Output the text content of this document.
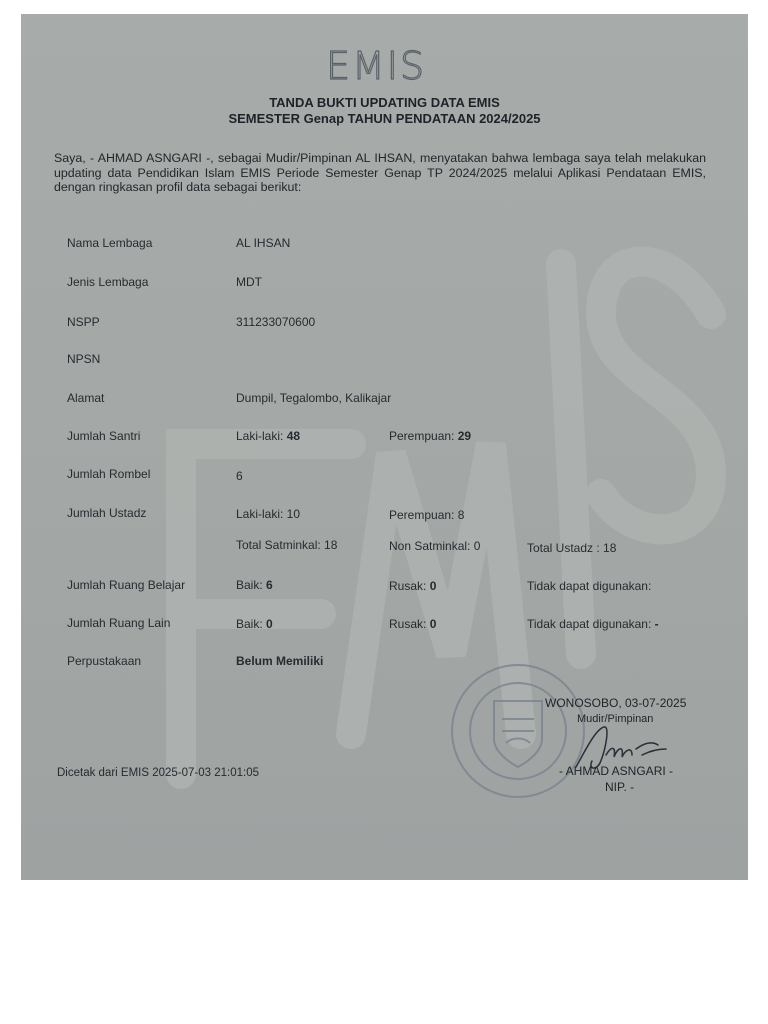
EMIS
TANDA BUKTI UPDATING DATA EMIS
SEMESTER Genap TAHUN PENDATAAN 2024/2025
Saya, - AHMAD ASNGARI -, sebagai Mudir/Pimpinan AL IHSAN, menyatakan bahwa lembaga saya telah melakukan updating data Pendidikan Islam EMIS Periode Semester Genap TP 2024/2025 melalui Aplikasi Pendataan EMIS, dengan ringkasan profil data sebagai berikut:
Nama Lembaga	AL IHSAN
Jenis Lembaga	MDT
NSPP	311233070600
NPSN
Alamat	Dumpil, Tegalombo, Kalikajar
Jumlah Santri	Laki-laki: 48	Perempuan: 29
Jumlah Rombel	6
Jumlah Ustadz	Laki-laki: 10	Perempuan: 8
Total Satminkal: 18	Non Satminkal: 0	Total Ustadz : 18
Jumlah Ruang Belajar	Baik: 6	Rusak: 0	Tidak dapat digunakan:
Jumlah Ruang Lain	Baik: 0	Rusak: 0	Tidak dapat digunakan: -
Perpustakaan	Belum Memiliki
WONOSOBO, 03-07-2025
Mudir/Pimpinan
- AHMAD ASNGARI -
NIP. -
Dicetak dari EMIS 2025-07-03 21:01:05
